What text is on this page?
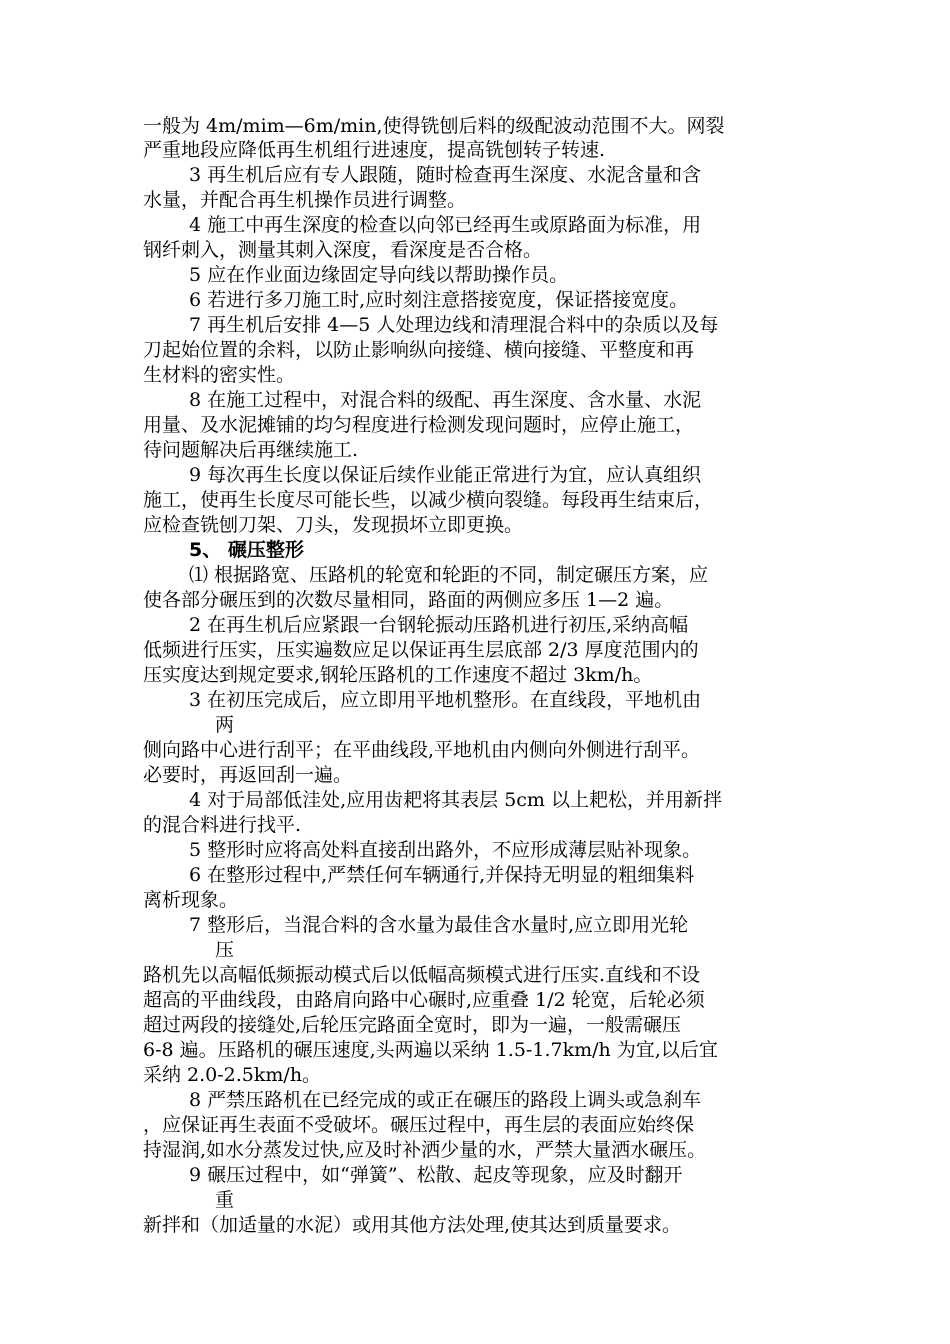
一般为 4m/mim—6m/min,使得铣刨后料的级配波动范围不大。网裂
严重地段应降低再生机组行进速度，提高铣刨转子转速.
3 再生机后应有专人跟随，随时检查再生深度、水泥含量和含
水量，并配合再生机操作员进行调整。
4 施工中再生深度的检查以向邻已经再生或原路面为标准，用
钢纤刺入，测量其刺入深度，看深度是否合格。
5 应在作业面边缘固定导向线以帮助操作员。
6 若进行多刀施工时,应时刻注意搭接宽度，保证搭接宽度。
7 再生机后安排 4—5 人处理边线和清理混合料中的杂质以及每
刀起始位置的余料，以防止影响纵向接缝、横向接缝、平整度和再
生材料的密实性。
8 在施工过程中，对混合料的级配、再生深度、含水量、水泥
用量、及水泥摊铺的均匀程度进行检测发现问题时，应停止施工，
待问题解决后再继续施工.
9 每次再生长度以保证后续作业能正常进行为宜，应认真组织
施工，使再生长度尽可能长些，以减少横向裂缝。每段再生结束后，
应检查铣刨刀架、刀头，发现损坏立即更换。
5、 碾压整形
⑴ 根据路宽、压路机的轮宽和轮距的不同，制定碾压方案，应
使各部分碾压到的次数尽量相同，路面的两侧应多压 1—2 遍。
2 在再生机后应紧跟一台钢轮振动压路机进行初压,采纳高幅
低频进行压实，压实遍数应足以保证再生层底部 2/3 厚度范围内的
压实度达到规定要求,钢轮压路机的工作速度不超过 3km/h。
3 在初压完成后，应立即用平地机整形。在直线段，平地机由
两
侧向路中心进行刮平；在平曲线段,平地机由内侧向外侧进行刮平。
必要时，再返回刮一遍。
4 对于局部低洼处,应用齿耙将其表层 5cm 以上耙松，并用新拌
的混合料进行找平.
5 整形时应将高处料直接刮出路外，不应形成薄层贴补现象。
6 在整形过程中,严禁任何车辆通行,并保持无明显的粗细集料
离析现象。
7 整形后，当混合料的含水量为最佳含水量时,应立即用光轮
压
路机先以高幅低频振动模式后以低幅高频模式进行压实.直线和不设
超高的平曲线段，由路肩向路中心碾时,应重叠 1/2 轮宽，后轮必须
超过两段的接缝处,后轮压完路面全宽时，即为一遍，一般需碾压
6-8 遍。压路机的碾压速度,头两遍以采纳 1.5-1.7km/h 为宜,以后宜
采纳 2.0-2.5km/h。
8 严禁压路机在已经完成的或正在碾压的路段上调头或急刹车
，应保证再生表面不受破坏。碾压过程中，再生层的表面应始终保
持湿润,如水分蒸发过快,应及时补洒少量的水，严禁大量洒水碾压。
9 碾压过程中，如“弹簧”、松散、起皮等现象，应及时翻开
重
新拌和（加适量的水泥）或用其他方法处理,使其达到质量要求。
